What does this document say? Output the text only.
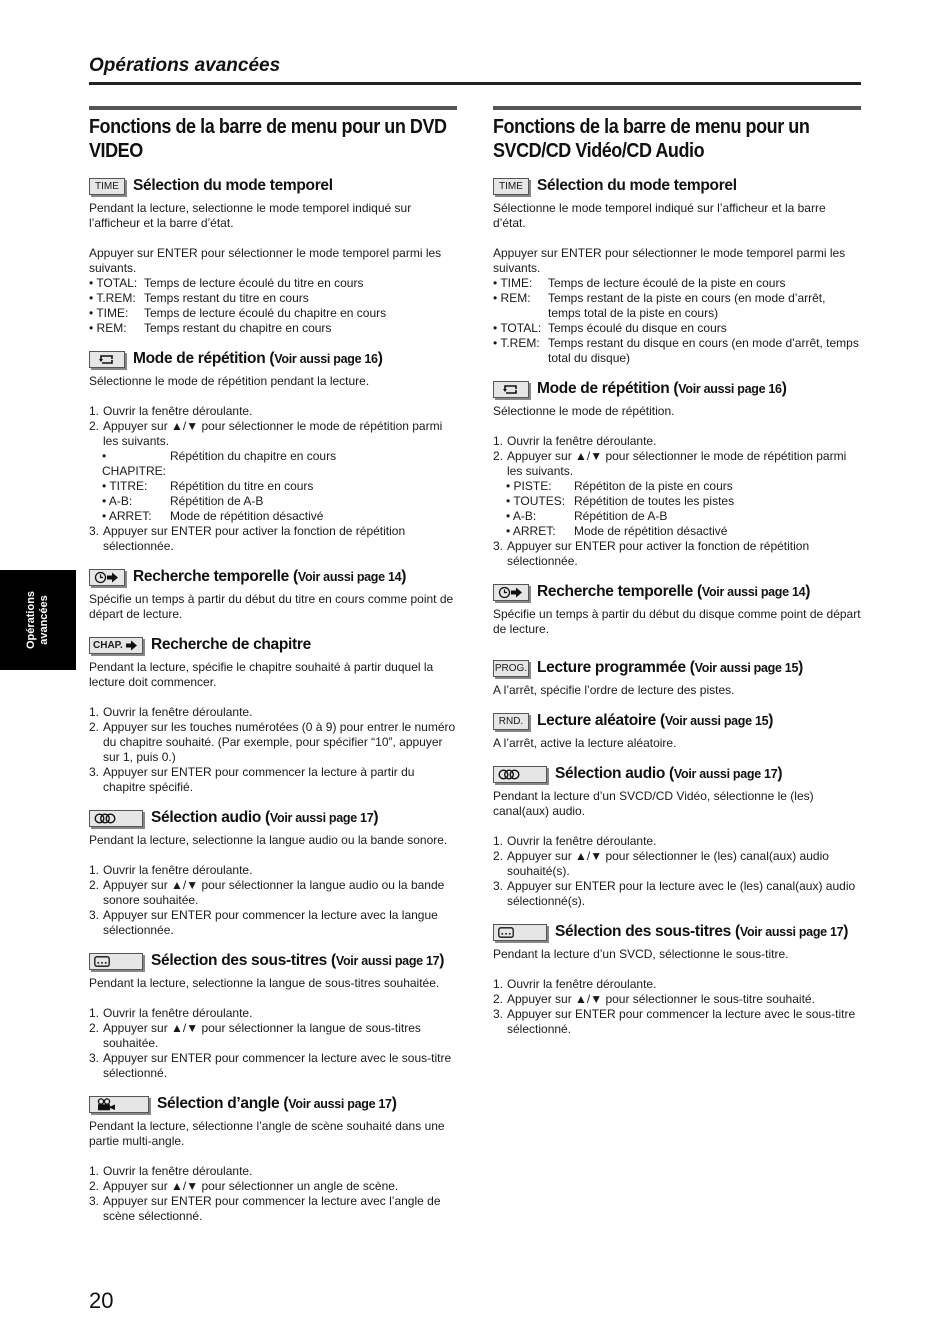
Opérations avancées
Opérations avancées
Fonctions de la barre de menu pour un DVD VIDEO
TIME Sélection du mode temporel

Pendant la lecture, selectionne le mode temporel indiqué sur l’afficheur et la barre d’état.

Appuyer sur ENTER pour sélectionner le mode temporel parmi les suivants.

• TOTAL: Temps de lecture écoulé du titre en cours
• T.REM: Temps restant du titre en cours
• TIME:	Temps de lecture écoulé du chapitre en cours
• REM:	Temps restant du chapitre en cours
Mode de répétition (Voir aussi page 16)

Sélectionne le mode de répétition pendant la lecture.

1. Ouvrir la fenêtre déroulante.
2. Appuyer sur ▲/▼ pour sélectionner le mode de répétition parmi les suivants.
• CHAPITRE:
Répétition du chapitre en cours
• TITRE:	Répétition du titre en cours
• A-B:	Répétition de A-B
• ARRET:	Mode de répétition désactivé
3. Appuyer sur ENTER pour activer la fonction de répétition sélectionnée.
Recherche temporelle (Voir aussi page 14)

Spécifie un temps à partir du début du titre en cours comme point de départ de lecture.

CHAP. Recherche de chapitre

Pendant la lecture, spécifie le chapitre souhaité à partir duquel la lecture doit commencer.

1. Ouvrir la fenêtre déroulante.
2. Appuyer sur les touches numérotées (0 à 9) pour entrer le numéro du chapitre souhaité. (Par exemple, pour spécifier “10”, appuyer sur 1, puis 0.)
3. Appuyer sur ENTER pour commencer la lecture à partir du chapitre spécifié.
Sélection audio (Voir aussi page 17)

Pendant la lecture, selectionne la langue audio ou la bande sonore.

1. Ouvrir la fenêtre déroulante.
2. Appuyer sur ▲/▼ pour sélectionner la langue audio ou la bande sonore souhaitée.
3. Appuyer sur ENTER pour commencer la lecture avec la langue sélectionnée.
Sélection des sous-titres (Voir aussi page 17)

Pendant la lecture, selectionne la langue de sous-titres souhaitée.

1. Ouvrir la fenêtre déroulante.
2. Appuyer sur ▲/▼ pour sélectionner la langue de sous-titres souhaitée.
3. Appuyer sur ENTER pour commencer la lecture avec le sous-titre sélectionné.
Sélection d’angle (Voir aussi page 17)

Pendant la lecture, sélectionne l’angle de scène souhaité dans une partie multi-angle.

1. Ouvrir la fenêtre déroulante.
2. Appuyer sur ▲/▼ pour sélectionner un angle de scène.
3. Appuyer sur ENTER pour commencer la lecture avec l’angle de scène sélectionné.
Fonctions de la barre de menu pour un SVCD/CD Vidéo/CD Audio
TIME Sélection du mode temporel

Sélectionne le mode temporel indiqué sur l’afficheur et la barre d’état.

Appuyer sur ENTER pour sélectionner le mode temporel parmi les suivants.

• TIME:	Temps de lecture écoulé de la piste en cours
• REM:	Temps restant de la piste en cours (en mode d’arrêt, temps total de la piste en cours)
• TOTAL: Temps écoulé du disque en cours
• T.REM: Temps restant du disque en cours (en mode d’arrêt, temps total du disque)
Mode de répétition (Voir aussi page 16)

Sélectionne le mode de répétition.

1. Ouvrir la fenêtre déroulante.
2. Appuyer sur ▲/▼ pour sélectionner le mode de répétition parmi les suivants.
• PISTE:	Répétiton de la piste en cours
• TOUTES: Répétition de toutes les pistes
• A-B:	Répétition de A-B
• ARRET:	Mode de répétition désactivé
3. Appuyer sur ENTER pour activer la fonction de répétition sélectionnée.
Recherche temporelle (Voir aussi page 14)

Spécifie un temps à partir du début du disque comme point de départ de lecture.

PROG. Lecture programmée (Voir aussi page 15)

A l’arrêt, spécifie l’ordre de lecture des pistes.

RND. Lecture aléatoire (Voir aussi page 15)

A l’arrêt, active la lecture aléatoire.

Sélection audio (Voir aussi page 17)

Pendant la lecture d’un SVCD/CD Vidéo, sélectionne le (les) canal(aux) audio.

1. Ouvrir la fenêtre déroulante.
2. Appuyer sur ▲/▼ pour sélectionner le (les) canal(aux) audio souhaité(s).
3. Appuyer sur ENTER pour la lecture avec le (les) canal(aux) audio sélectionné(s).
Sélection des sous-titres (Voir aussi page 17)

Pendant la lecture d’un SVCD, sélectionne le sous-titre.

1. Ouvrir la fenêtre déroulante.
2. Appuyer sur ▲/▼ pour sélectionner le sous-titre souhaité.
3. Appuyer sur ENTER pour commencer la lecture avec le sous-titre sélectionné.
20
